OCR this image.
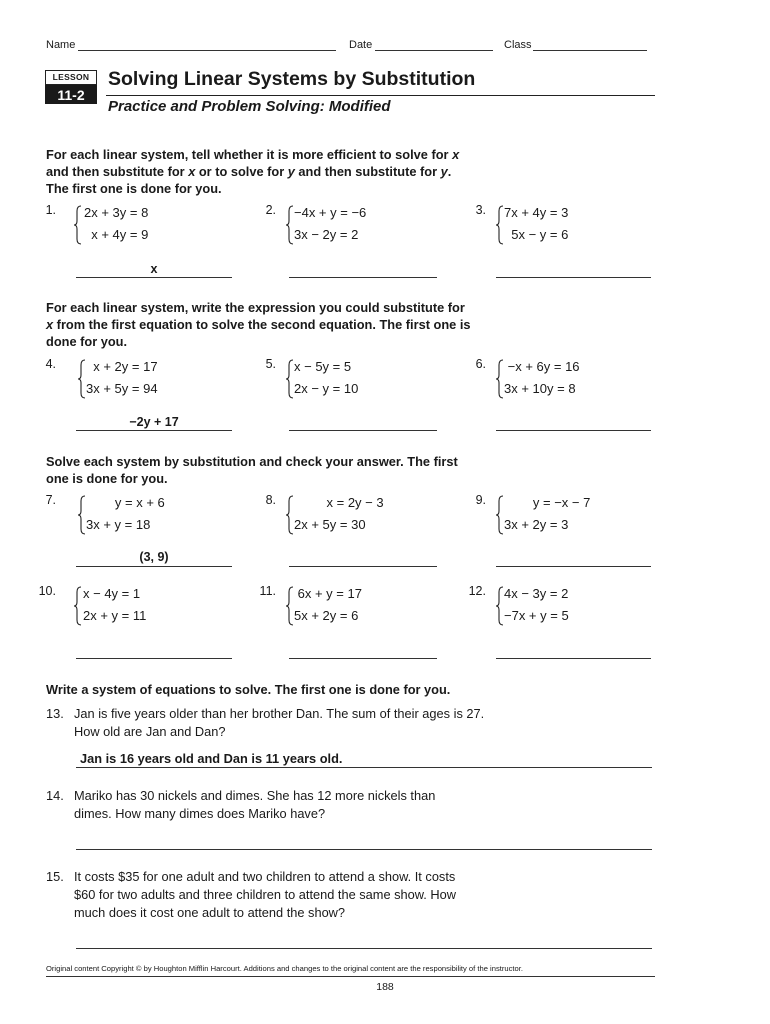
Name	Date	Class
LESSON
11-2
Solving Linear Systems by Substitution
Practice and Problem Solving: Modified
For each linear system, tell whether it is more efficient to solve for x
and then substitute for x or to solve for y and then substitute for y.
The first one is done for you.
For each linear system, write the expression you could substitute for
x from the first equation to solve the second equation. The first one is
done for you.
Solve each system by substitution and check your answer. The first
one is done for you.
1. 2x + 3y = 8
x + 4y = 9
2. −4x + y = −6
3x − 2y = 2
3. 7x + 4y = 3
5x − y = 6
x
4. x + 2y = 17
3x + 5y = 94
5. x − 5y = 5
2x − y = 10
6. −x + 6y = 16
3x + 10y = 8
−2y + 17
7. y = x + 6
3x + y = 18
8. x = 2y − 3
2x + 5y = 30
9. y = −x − 7
3x + 2y = 3
(3, 9)
10. x − 4y = 1
2x + y = 11
11. 6x + y = 17
5x + 2y = 6
12. 4x − 3y = 2
−7x + y = 5
Write a system of equations to solve. The first one is done for you.
13. Jan is five years older than her brother Dan. The sum of their ages is 27.
How old are Jan and Dan?
Jan is 16 years old and Dan is 11 years old.
14. Mariko has 30 nickels and dimes. She has 12 more nickels than
dimes. How many dimes does Mariko have?
15. It costs $35 for one adult and two children to attend a show. It costs
$60 for two adults and three children to attend the same show. How
much does it cost one adult to attend the show?
Original content Copyright © by Houghton Mifflin Harcourt. Additions and changes to the original content are the responsibility of the instructor.
188
